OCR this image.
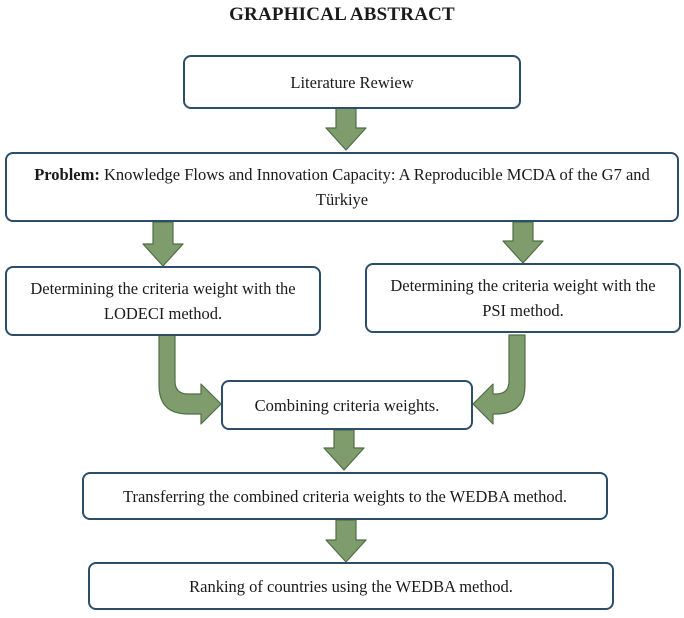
GRAPHICAL ABSTRACT
Literature Rewiew
Problem: Knowledge Flows and Innovation Capacity: A Reproducible MCDA of the G7 and Türkiye
Determining the criteria weight with the LODECI method.
Determining the criteria weight with the PSI method.
Combining criteria weights.
Transferring the combined criteria weights to the WEDBA method.
Ranking of countries using the WEDBA method.
